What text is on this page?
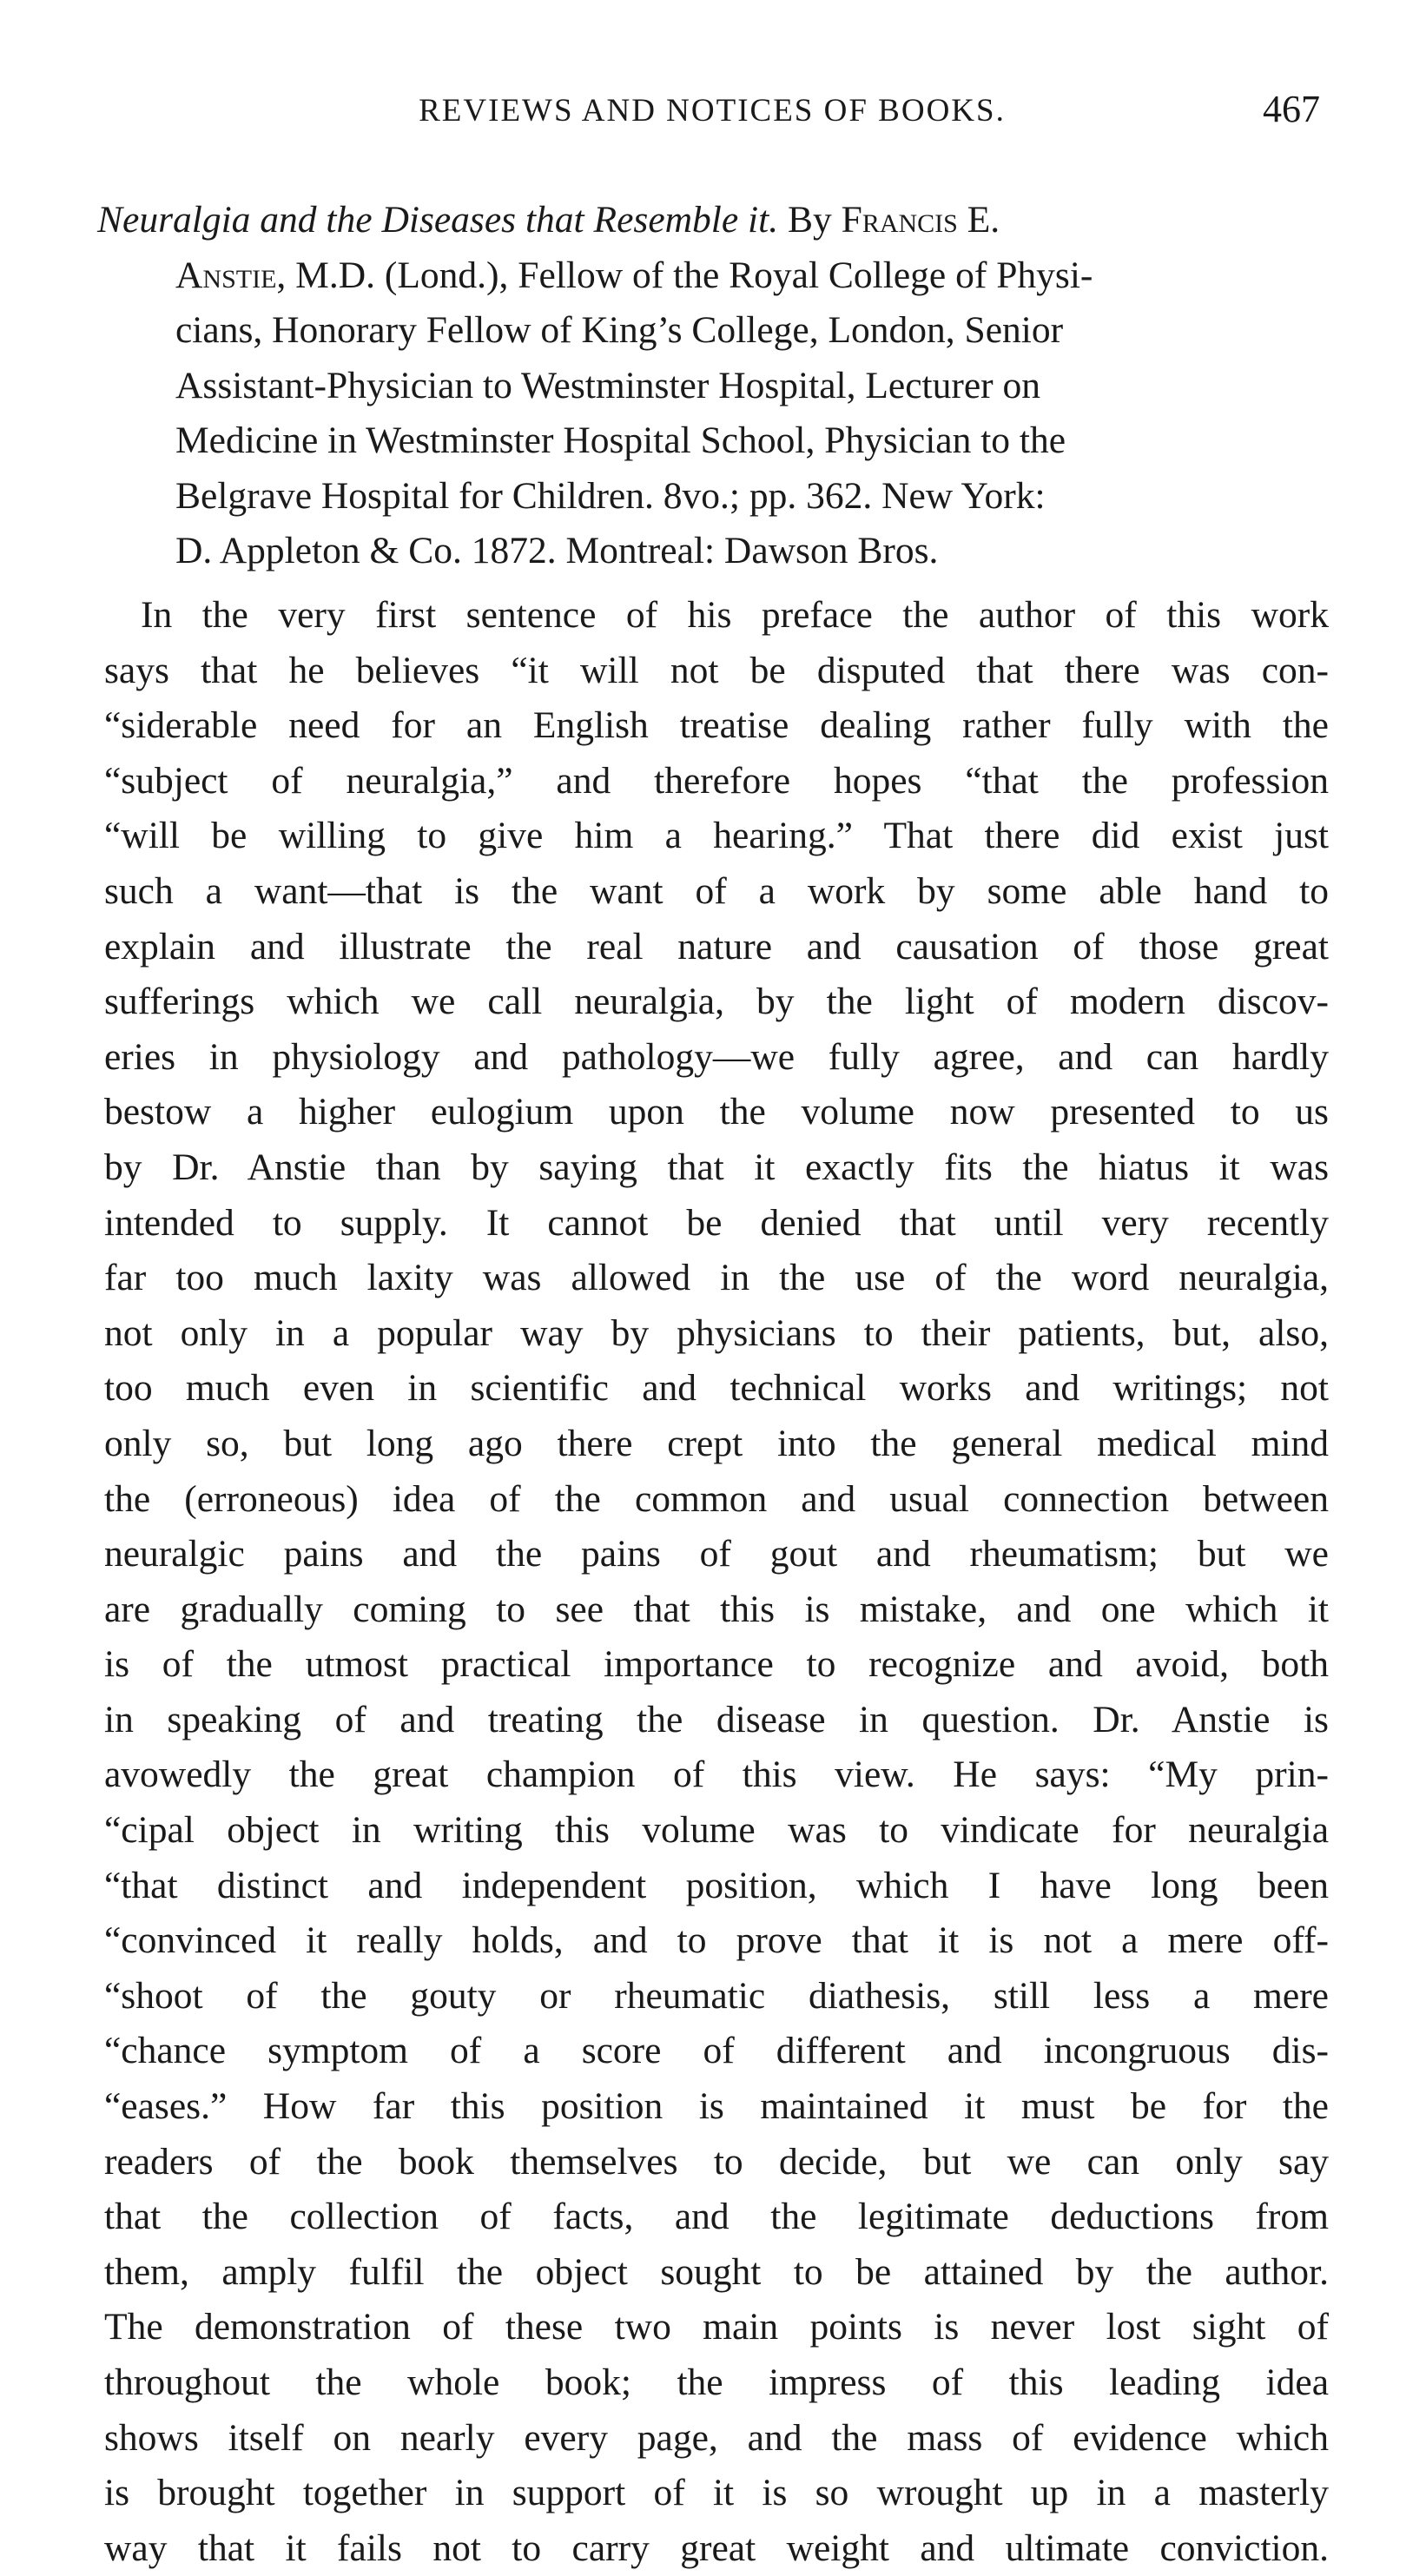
REVIEWS AND NOTICES OF BOOKS.	467
Neuralgia and the Diseases that Resemble it. By Francis E.
Anstie, M.D. (Lond.), Fellow of the Royal College of Physi-
cians, Honorary Fellow of King’s College, London, Senior
Assistant-Physician to Westminster Hospital, Lecturer on
Medicine in Westminster Hospital School, Physician to the
Belgrave Hospital for Children. 8vo.; pp. 362. New York:
D. Appleton & Co. 1872. Montreal: Dawson Bros.
In the very first sentence of his preface the author of this work
says that he believes “it will not be disputed that there was con-
“siderable need for an English treatise dealing rather fully with the
“subject of neuralgia,” and therefore hopes “that the profession
“will be willing to give him a hearing.” That there did exist just
such a want—that is the want of a work by some able hand to
explain and illustrate the real nature and causation of those great
sufferings which we call neuralgia, by the light of modern discov-
eries in physiology and pathology—we fully agree, and can hardly
bestow a higher eulogium upon the volume now presented to us
by Dr. Anstie than by saying that it exactly fits the hiatus it was
intended to supply. It cannot be denied that until very recently
far too much laxity was allowed in the use of the word neuralgia,
not only in a popular way by physicians to their patients, but, also,
too much even in scientific and technical works and writings; not
only so, but long ago there crept into the general medical mind
the (erroneous) idea of the common and usual connection between
neuralgic pains and the pains of gout and rheumatism; but we
are gradually coming to see that this is mistake, and one which it
is of the utmost practical importance to recognize and avoid, both
in speaking of and treating the disease in question. Dr. Anstie is
avowedly the great champion of this view. He says: “My prin-
“cipal object in writing this volume was to vindicate for neuralgia
“that distinct and independent position, which I have long been
“convinced it really holds, and to prove that it is not a mere off-
“shoot of the gouty or rheumatic diathesis, still less a mere
“chance symptom of a score of different and incongruous dis-
“eases.” How far this position is maintained it must be for the
readers of the book themselves to decide, but we can only say
that the collection of facts, and the legitimate deductions from
them, amply fulfil the object sought to be attained by the author.
The demonstration of these two main points is never lost sight of
throughout the whole book; the impress of this leading idea
shows itself on nearly every page, and the mass of evidence which
is brought together in support of it is so wrought up in a masterly
way that it fails not to carry great weight and ultimate conviction.
